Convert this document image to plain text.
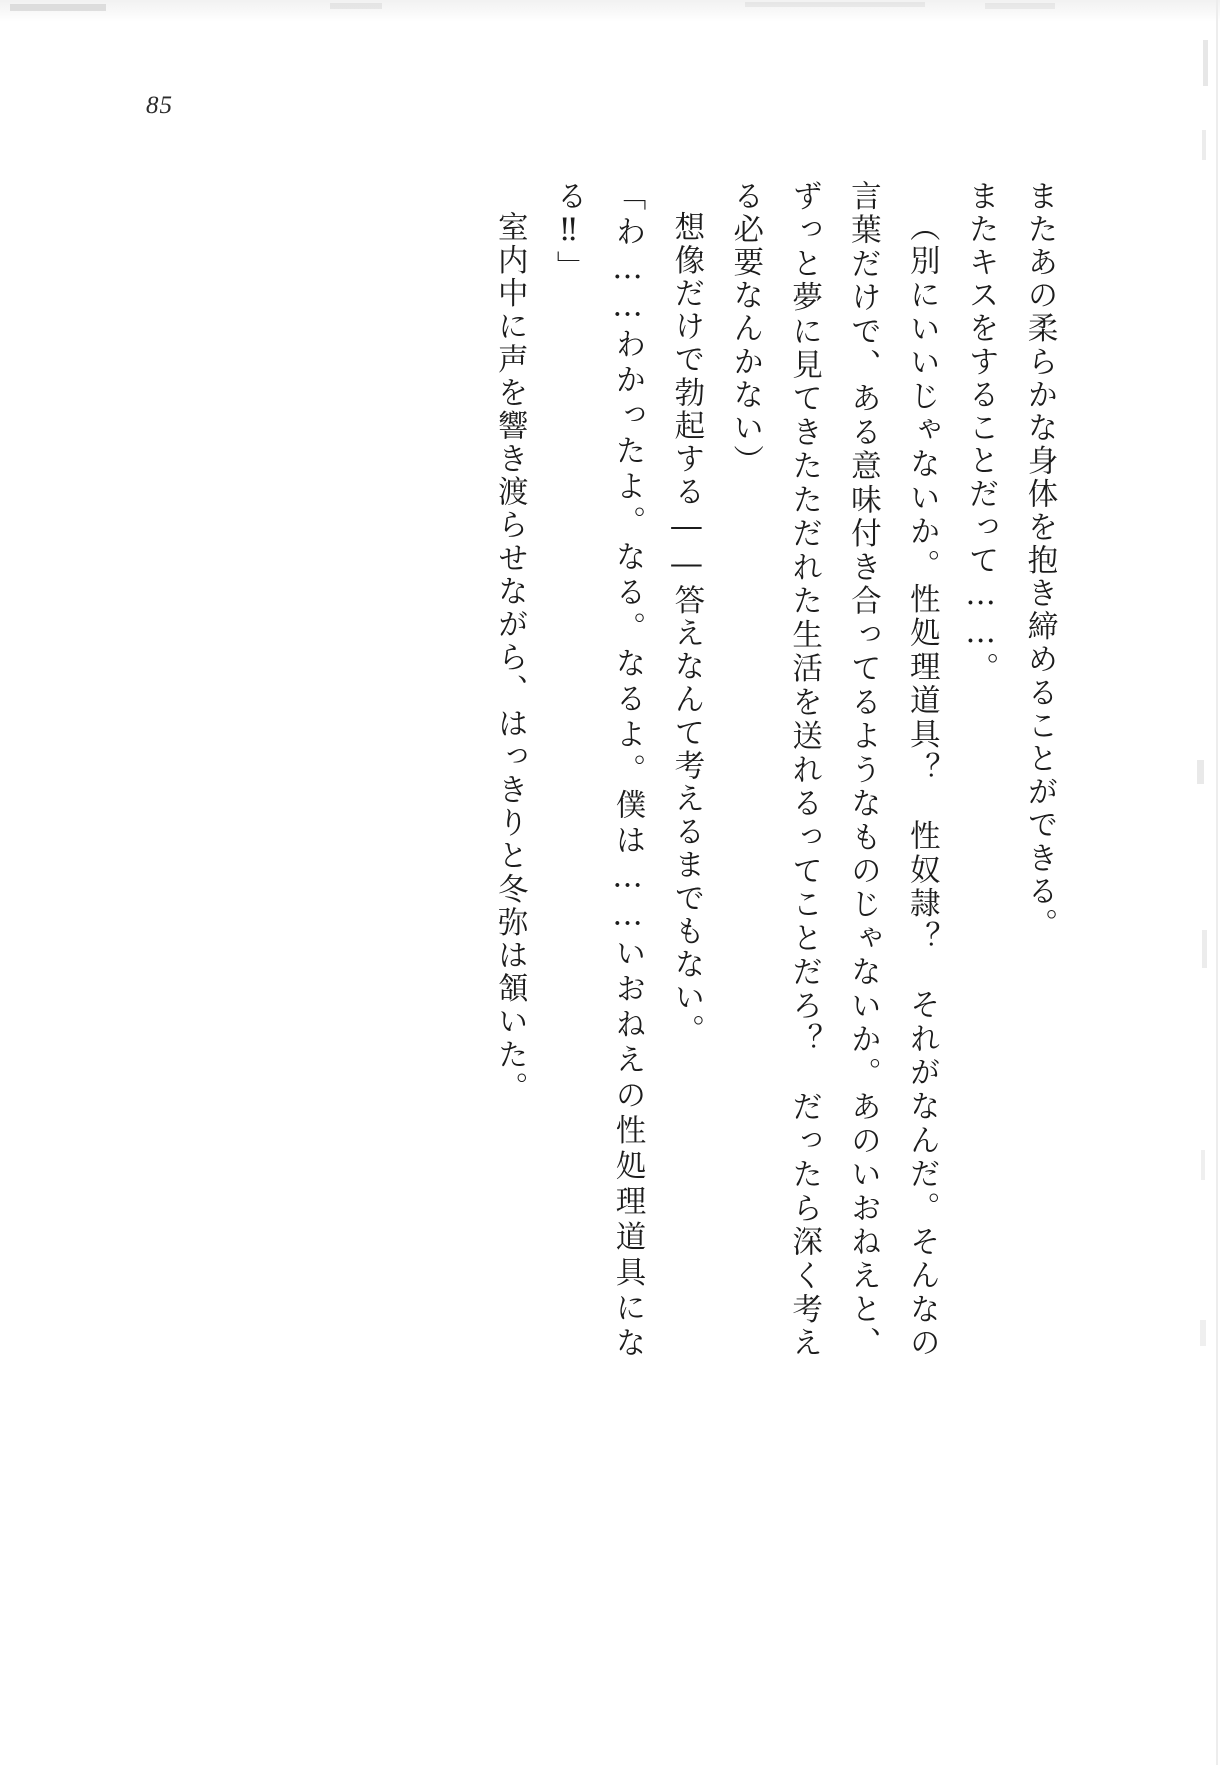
85

またあの柔らかな身体を抱き締めることができる。

またキスをすることだって……。

（別にいいじゃないか。性処理道具？　性奴隷？　それがなんだ。そんなの言葉だけで、ある意味付き合ってるようなものじゃないか。あのいおねえと、ずっと夢に見てきたただれた生活を送れるってことだろ？　だったら深く考える必要なんかない）

想像だけで勃起する――答えなんて考えるまでもない。

「わ……わかったよ。なる。なるよ。僕は……いおねえの性処理道具になる‼」

室内中に声を響き渡らせながら、はっきりと冬弥は頷いた。
